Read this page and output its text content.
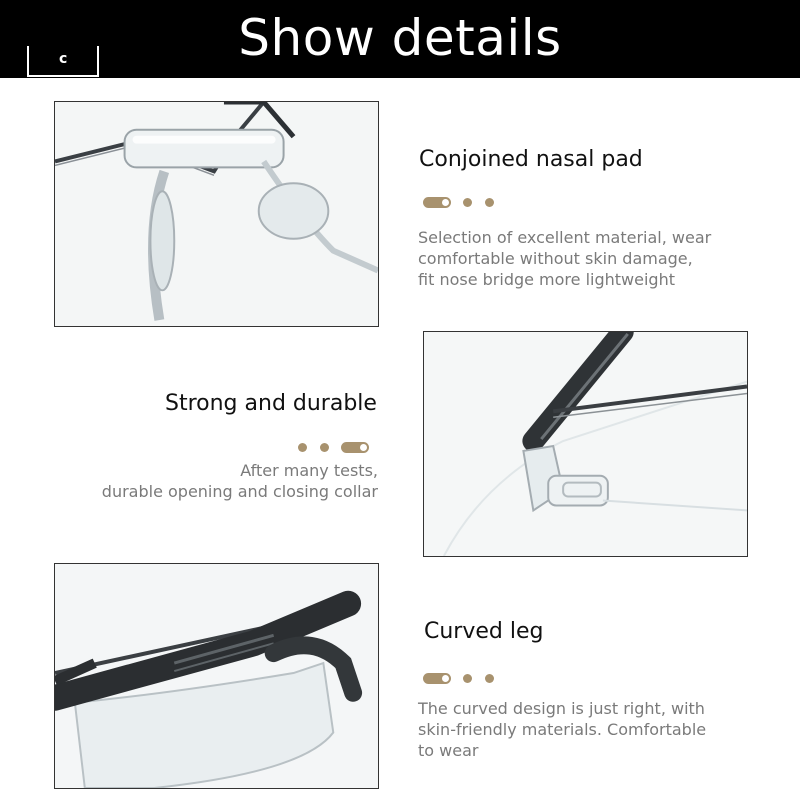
c	Show details
Conjoined nasal pad
Selection of excellent material, wear
comfortable without skin damage,
fit nose bridge more lightweight
Strong and durable
After many tests,
durable opening and closing collar
Curved leg
The curved design is just right, with
skin-friendly materials. Comfortable
to wear
